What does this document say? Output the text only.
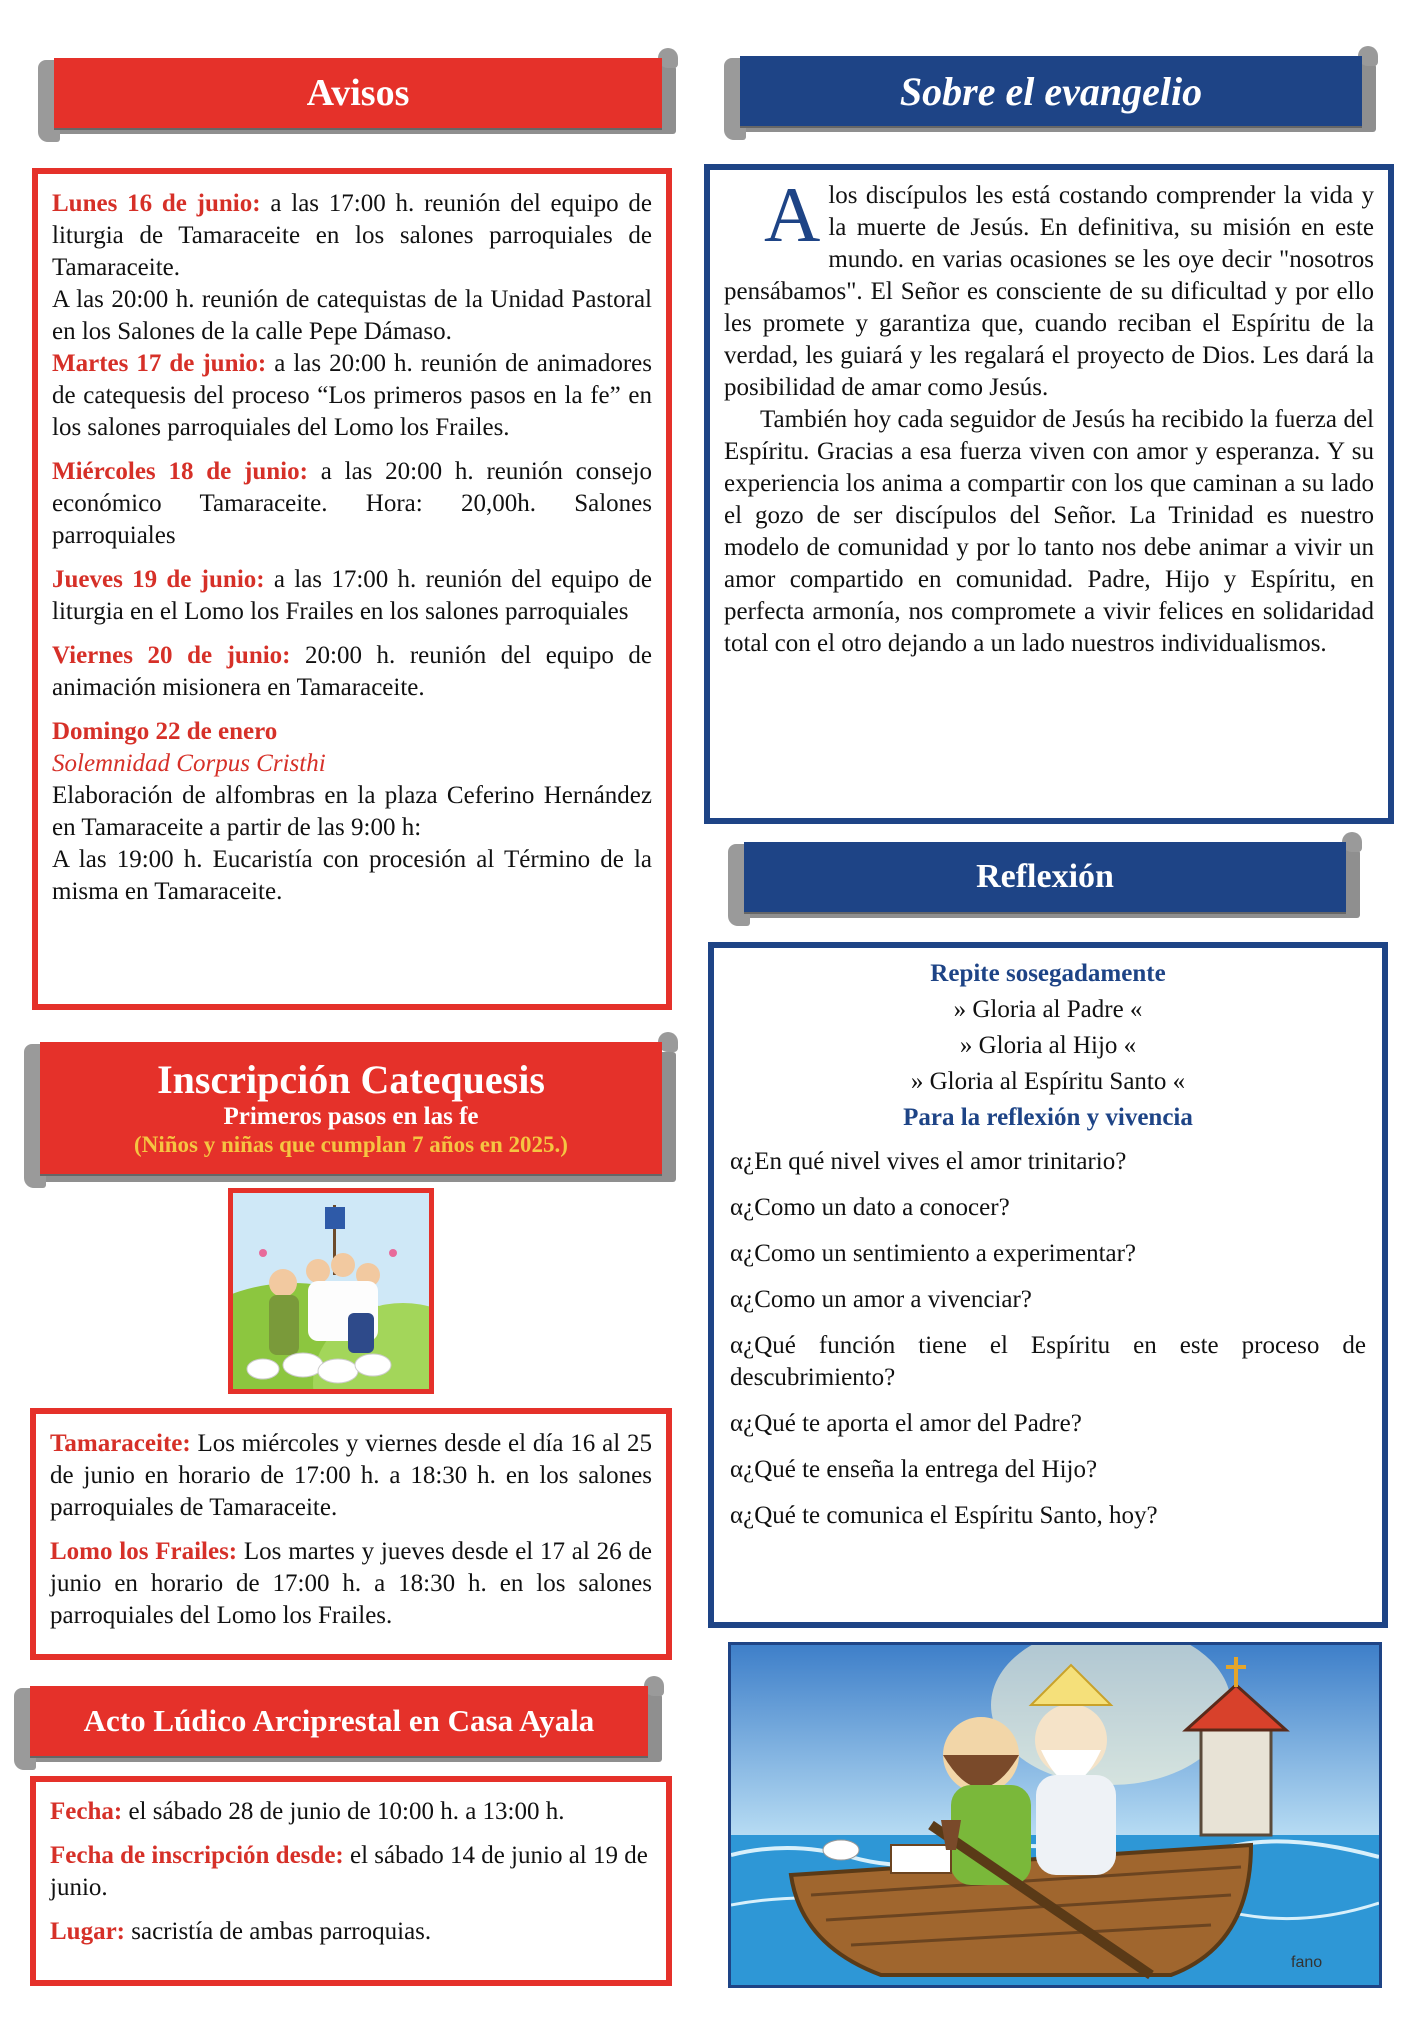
Avisos

Lunes 16 de junio: a las 17:00 h. reunión del equipo de liturgia de Tamaraceite en los salones parroquiales de Tamaraceite.

A las 20:00 h. reunión de catequistas de la Unidad Pastoral en los Salones de la calle Pepe Dámaso.

Martes 17 de junio: a las 20:00 h. reunión de animadores de catequesis del proceso “Los primeros pasos en la fe” en los salones parroquiales del Lomo los Frailes.

Miércoles 18 de junio: a las 20:00 h. reunión consejo económico Tamaraceite. Hora: 20,00h. Salones parroquiales

Jueves 19 de junio: a las 17:00 h. reunión del equipo de liturgia en el Lomo los Frailes en los salones parroquiales

Viernes 20 de junio: 20:00 h. reunión del equipo de animación misionera en Tamaraceite.

Domingo 22 de enero
Solemnidad Corpus Cristhi
Elaboración de alfombras en la plaza Ceferino Hernández en Tamaraceite a partir de las 9:00 h:
A las 19:00 h. Eucaristía con procesión al Término de la misma en Tamaraceite.
Inscripción Catequesis
Primeros pasos en las fe
(Niños y niñas que cumplan 7 años en 2025.)

Tamaraceite: Los miércoles y viernes desde el día 16 al 25 de junio en horario de 17:00 h. a 18:30 h. en los salones parroquiales de Tamaraceite.

Lomo los Frailes: Los martes y jueves desde el 17 al 26 de junio en horario de 17:00 h. a 18:30 h. en los salones parroquiales del Lomo los Frailes.

Acto Lúdico Arciprestal en Casa Ayala

Fecha: el sábado 28 de junio de 10:00 h. a 13:00 h.

Fecha de inscripción desde: el sábado 14 de junio al 19 de junio.

Lugar: sacristía de ambas parroquias.

Sobre el evangelio

Alos discípulos les está costando comprender la vida y la muerte de Jesús. En definitiva, su misión en este mundo. en varias ocasiones se les oye decir "nosotros pensábamos". El Señor es consciente de su dificultad y por ello les promete y garantiza que, cuando reciban el Espíritu de la verdad, les guiará y les regalará el proyecto de Dios. Les dará la posibilidad de amar como Jesús.

También hoy cada seguidor de Jesús ha recibido la fuerza del Espíritu. Gracias a esa fuerza viven con amor y esperanza. Y su experiencia los anima a compartir con los que caminan a su lado el gozo de ser discípulos del Señor. La Trinidad es nuestro modelo de comunidad y por lo tanto nos debe animar a vivir un amor compartido en comunidad. Padre, Hijo y Espíritu, en perfecta armonía, nos compromete a vivir felices en solidaridad total con el otro dejando a un lado nuestros individualismos.

Reflexión
Repite sosegadamente
» Gloria al Padre «
» Gloria al Hijo «
» Gloria al Espíritu Santo «
Para la reflexión y vivencia
α¿En qué nivel vives el amor trinitario?
α¿Como un dato a conocer?
α¿Como un sentimiento a experimentar?
α¿Como un amor a vivenciar?
α¿Qué función tiene el Espíritu en este proceso de descubrimiento?
α¿Qué te aporta el amor del Padre?
α¿Qué te enseña la entrega del Hijo?
α¿Qué te comunica el Espíritu Santo, hoy?
fano
